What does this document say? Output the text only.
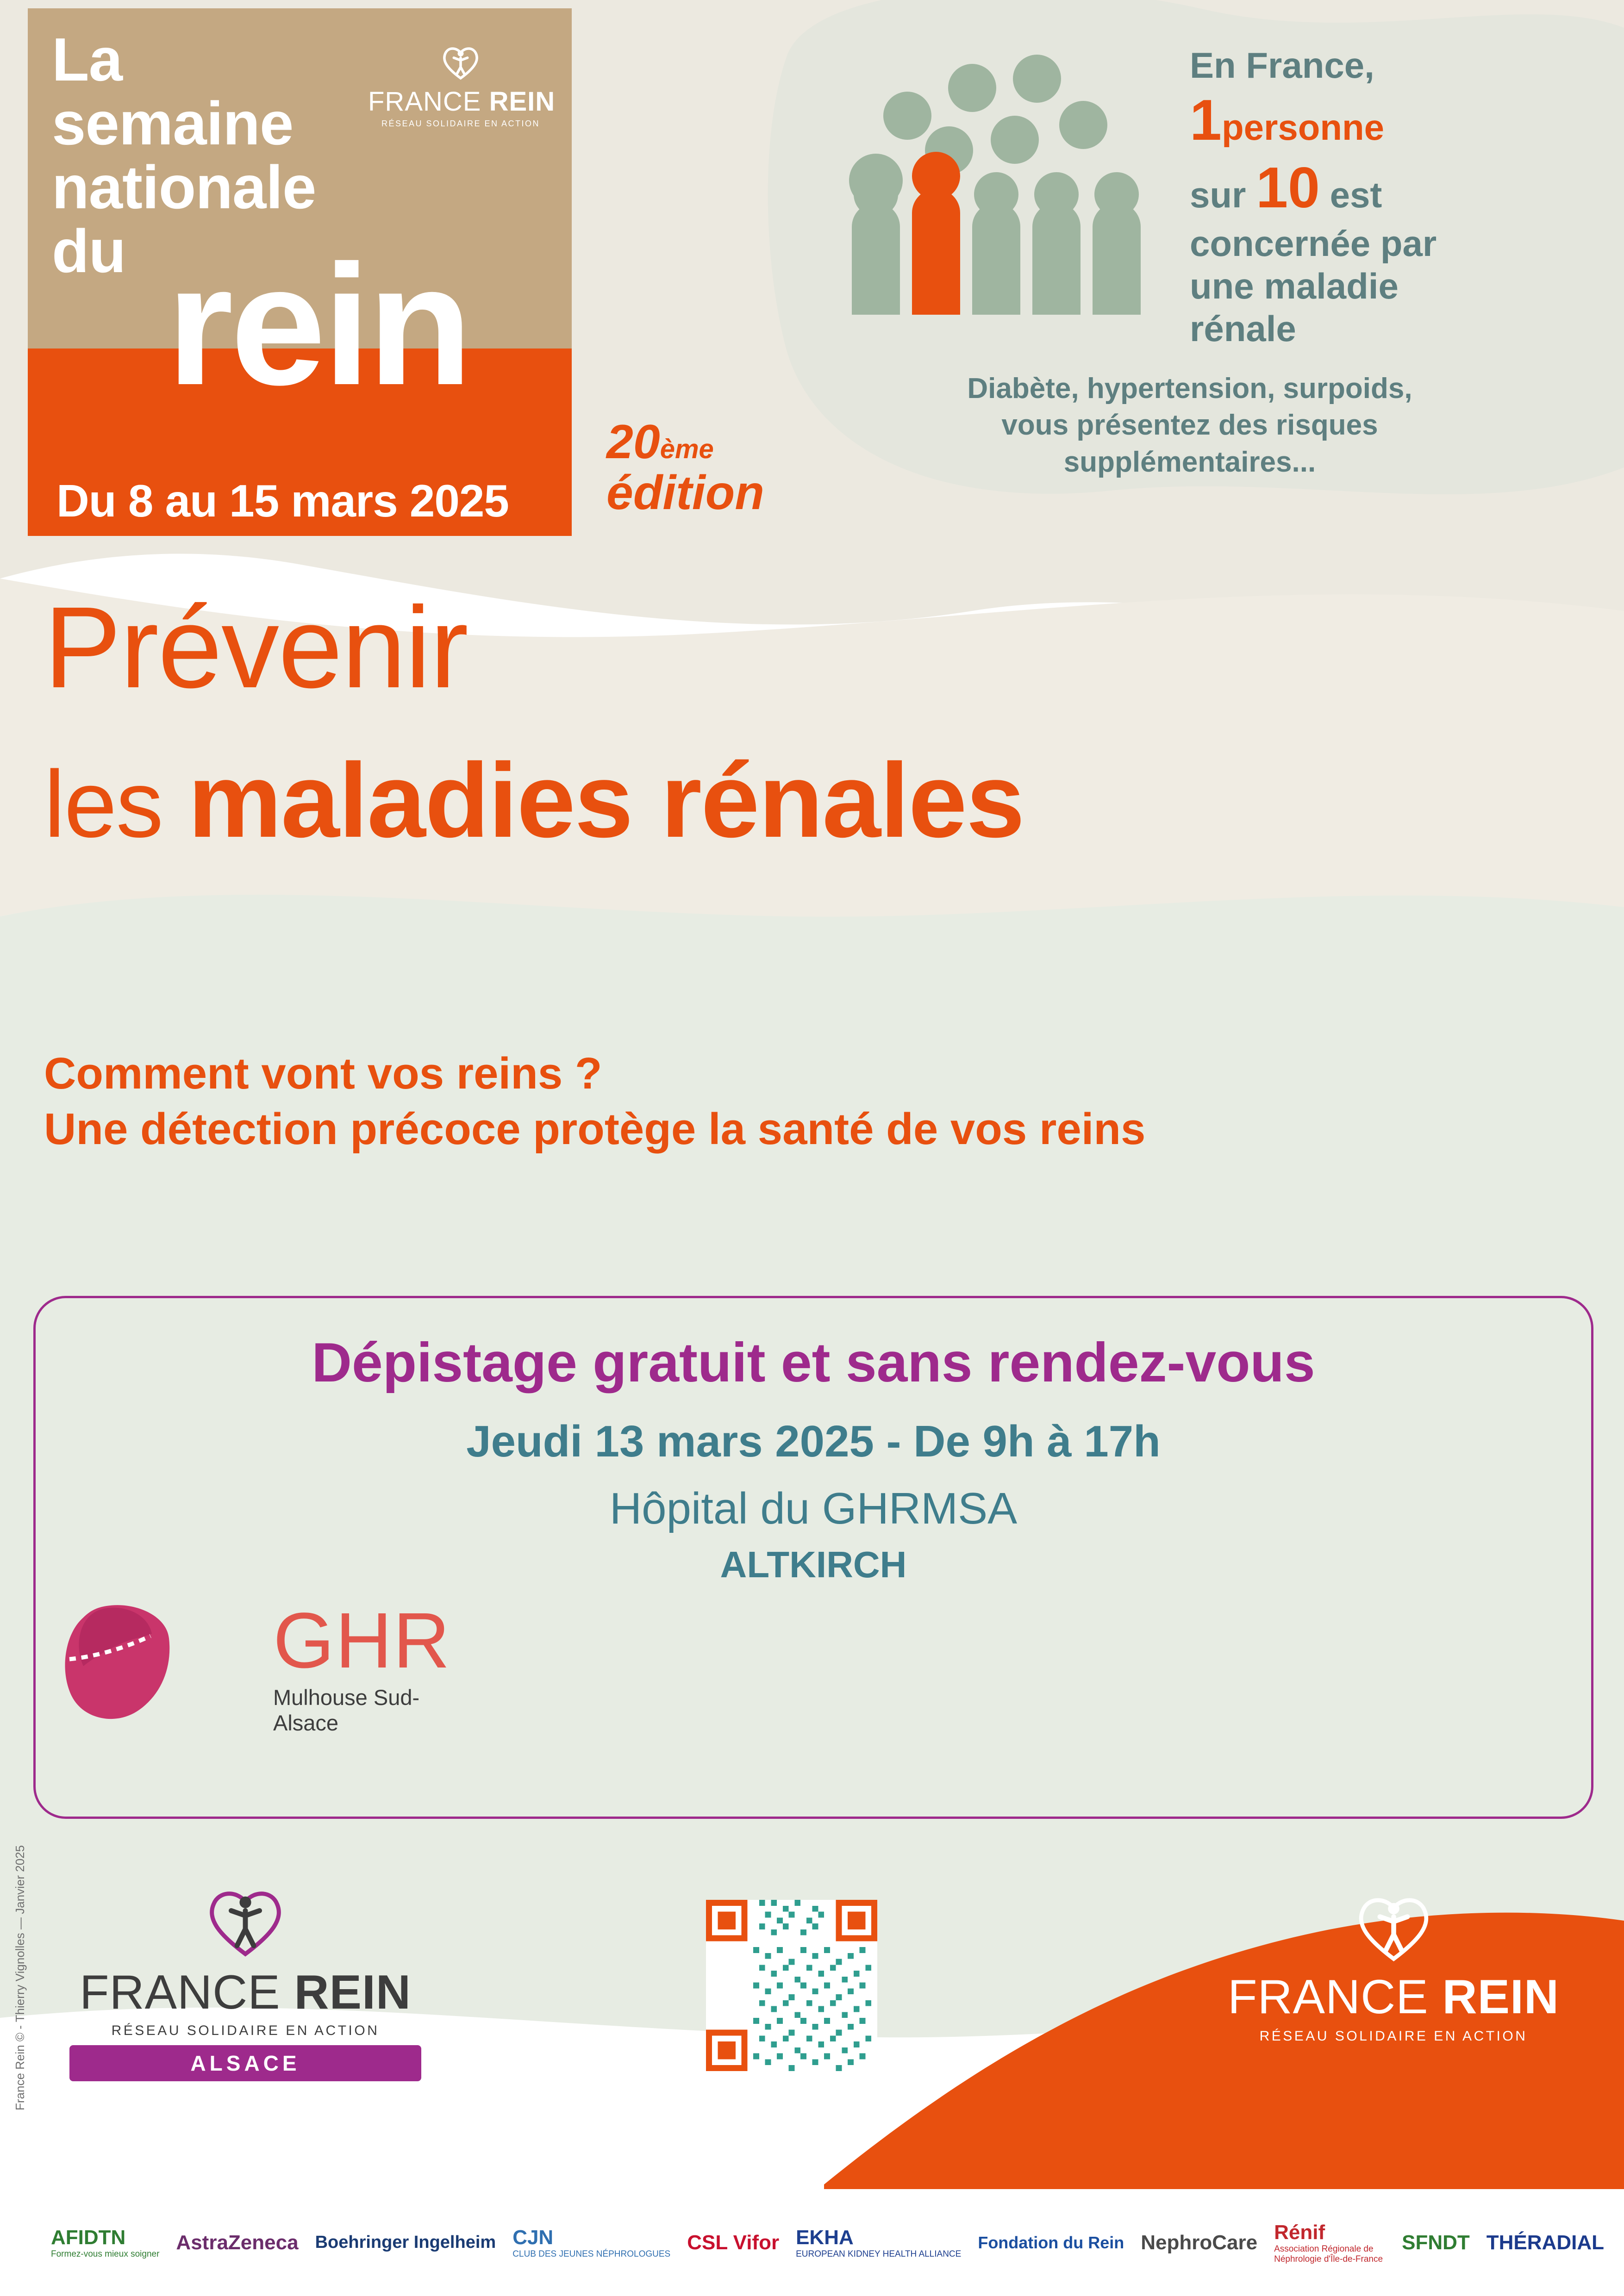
La
semaine
nationale
du rein
Du 8 au 15 mars 2025
FRANCE REIN
RÉSEAU SOLIDAIRE EN ACTION
20ème
édition
En France,
1personne
sur 10 est
concernée par
une maladie
rénale
Diabète, hypertension, surpoids,
vous présentez des risques
supplémentaires...
Prévenir
les maladies rénales
Comment vont vos reins ?
Une détection précoce protège la santé de vos reins
Dépistage gratuit et sans rendez-vous
Jeudi 13 mars 2025 - De 9h à 17h
Hôpital du GHRMSA
ALTKIRCH
GHR
Mulhouse Sud-Alsace
FRANCE REIN
RÉSEAU SOLIDAIRE EN ACTION
ALSACE
FRANCE REIN
RÉSEAU SOLIDAIRE EN ACTION
France Rein © - Thierry Vignolles — Janvier 2025
AFIDTN
Formez-vous mieux soigner
AstraZeneca Boehringer Ingelheim CJN
CLUB DES JEUNES NÉPHROLOGUES
CSL Vifor EKHA
EUROPEAN KIDNEY HEALTH ALLIANCE
Fondation du Rein NephroCare Rénif
Association Régionale de Néphrologie d'Île-de-France
SFNDT THÉRADIAL
